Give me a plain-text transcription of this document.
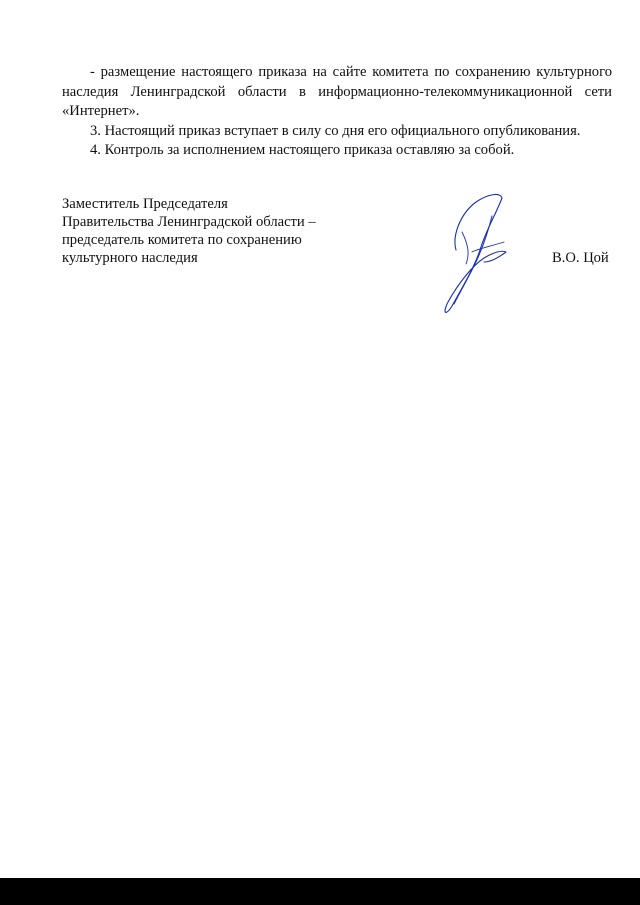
- размещение настоящего приказа на сайте комитета по сохранению культурного наследия Ленинградской области в информационно-телекоммуникационной сети «Интернет».

3. Настоящий приказ вступает в силу со дня его официального опубликования.

4. Контроль за исполнением настоящего приказа оставляю за собой.

Заместитель Председателя
Правительства Ленинградской области –
председатель комитета по сохранению
культурного наследия	В.О. Цой
